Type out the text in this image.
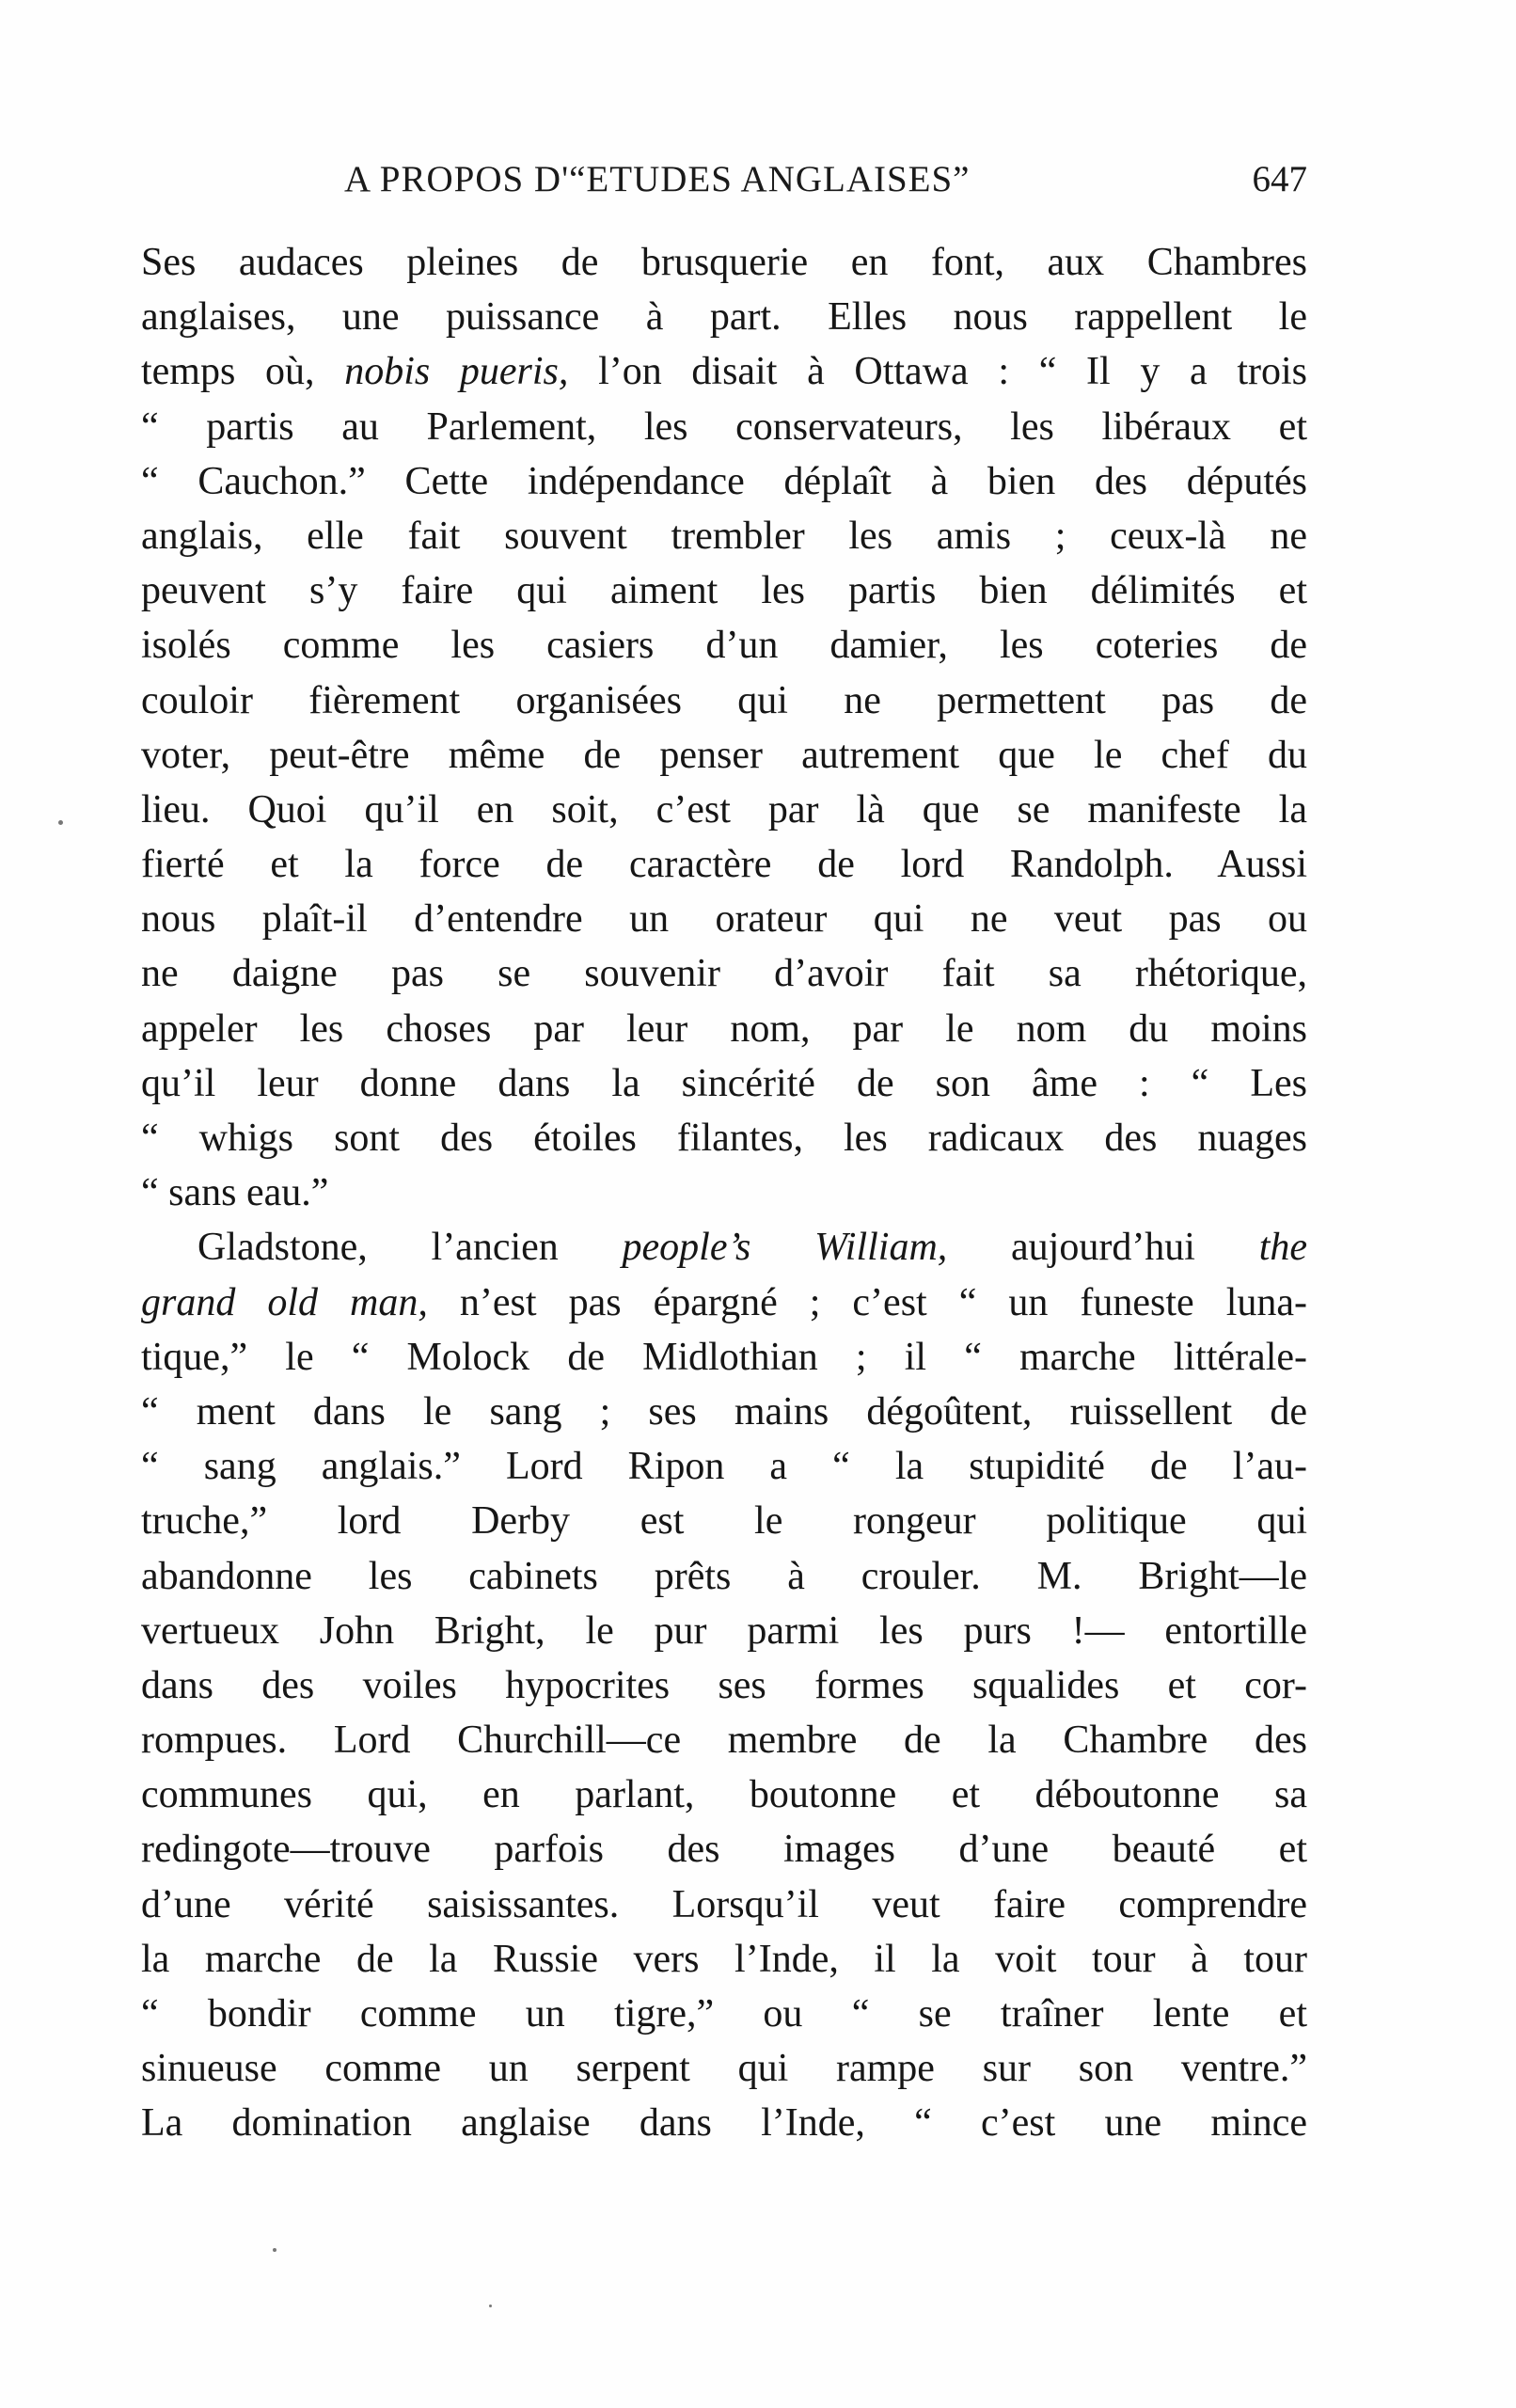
A PROPOS D'“ETUDES ANGLAISES”	647
Ses audaces pleines de brusquerie en font, aux Chambres
anglaises, une puissance à part. Elles nous rappellent le
temps où, nobis pueris, l’on disait à Ottawa : “ Il y a trois
“ partis au Parlement, les conservateurs, les libéraux et
“ Cauchon.” Cette indépendance déplaît à bien des députés
anglais, elle fait souvent trembler les amis ; ceux-là ne
peuvent s’y faire qui aiment les partis bien délimités et
isolés comme les casiers d’un damier, les coteries de
couloir fièrement organisées qui ne permettent pas de
voter, peut-être même de penser autrement que le chef du
lieu. Quoi qu’il en soit, c’est par là que se manifeste la
fierté et la force de caractère de lord Randolph. Aussi
nous plaît-il d’entendre un orateur qui ne veut pas ou
ne daigne pas se souvenir d’avoir fait sa rhétorique,
appeler les choses par leur nom, par le nom du moins
qu’il leur donne dans la sincérité de son âme : “ Les
“ whigs sont des étoiles filantes, les radicaux des nuages
“ sans eau.”
Gladstone, l’ancien people’s William, aujourd’hui the
grand old man, n’est pas épargné ; c’est “ un funeste luna-
tique,” le “ Molock de Midlothian ; il “ marche littérale-
“ ment dans le sang ; ses mains dégoûtent, ruissellent de
“ sang anglais.” Lord Ripon a “ la stupidité de l’au-
truche,” lord Derby est le rongeur politique qui
abandonne les cabinets prêts à crouler. M. Bright—le
vertueux John Bright, le pur parmi les purs !— entortille
dans des voiles hypocrites ses formes squalides et cor-
rompues. Lord Churchill—ce membre de la Chambre des
communes qui, en parlant, boutonne et déboutonne sa
redingote—trouve parfois des images d’une beauté et
d’une vérité saisissantes. Lorsqu’il veut faire comprendre
la marche de la Russie vers l’Inde, il la voit tour à tour
“ bondir comme un tigre,” ou “ se traîner lente et
sinueuse comme un serpent qui rampe sur son ventre.”
La domination anglaise dans l’Inde, “ c’est une mince
